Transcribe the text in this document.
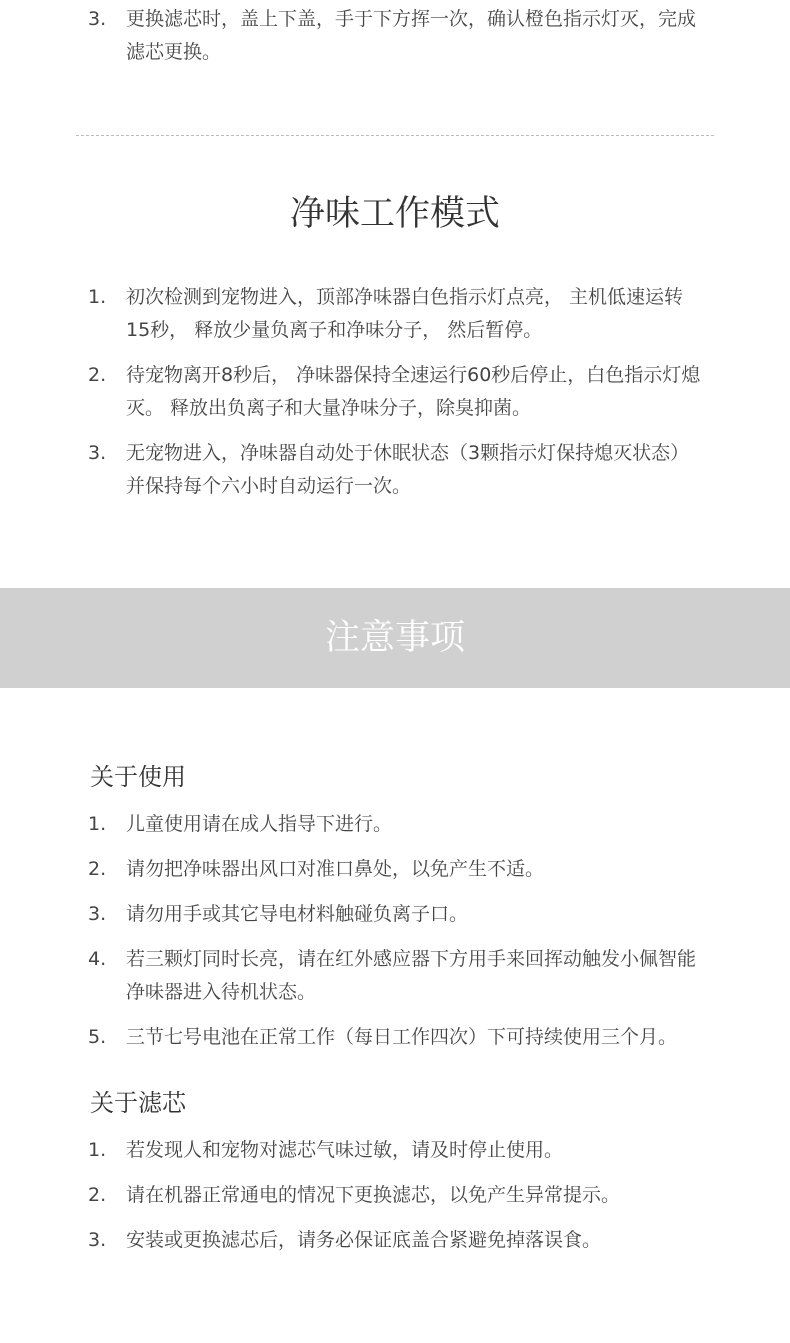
3.	更换滤芯时，盖上下盖，手于下方挥一次，确认橙色指示灯灭，完成滤芯更换。
净味工作模式
1.	初次检测到宠物进入，顶部净味器白色指示灯点亮， 主机低速运转15秒， 释放少量负离子和净味分子， 然后暂停。
2.	待宠物离开8秒后， 净味器保持全速运行60秒后停止，白色指示灯熄灭。 释放出负离子和大量净味分子，除臭抑菌。
3.	无宠物进入，净味器自动处于休眠状态（3颗指示灯保持熄灭状态）并保持每个六小时自动运行一次。
注意事项
关于使用
1.	儿童使用请在成人指导下进行。
2.	请勿把净味器出风口对准口鼻处，以免产生不适。
3.	请勿用手或其它导电材料触碰负离子口。
4.	若三颗灯同时长亮，请在红外感应器下方用手来回挥动触发小佩智能净味器进入待机状态。
5.	三节七号电池在正常工作（每日工作四次）下可持续使用三个月。
关于滤芯
1.	若发现人和宠物对滤芯气味过敏，请及时停止使用。
2.	请在机器正常通电的情况下更换滤芯，以免产生异常提示。
3.	安装或更换滤芯后，请务必保证底盖合紧避免掉落误食。
